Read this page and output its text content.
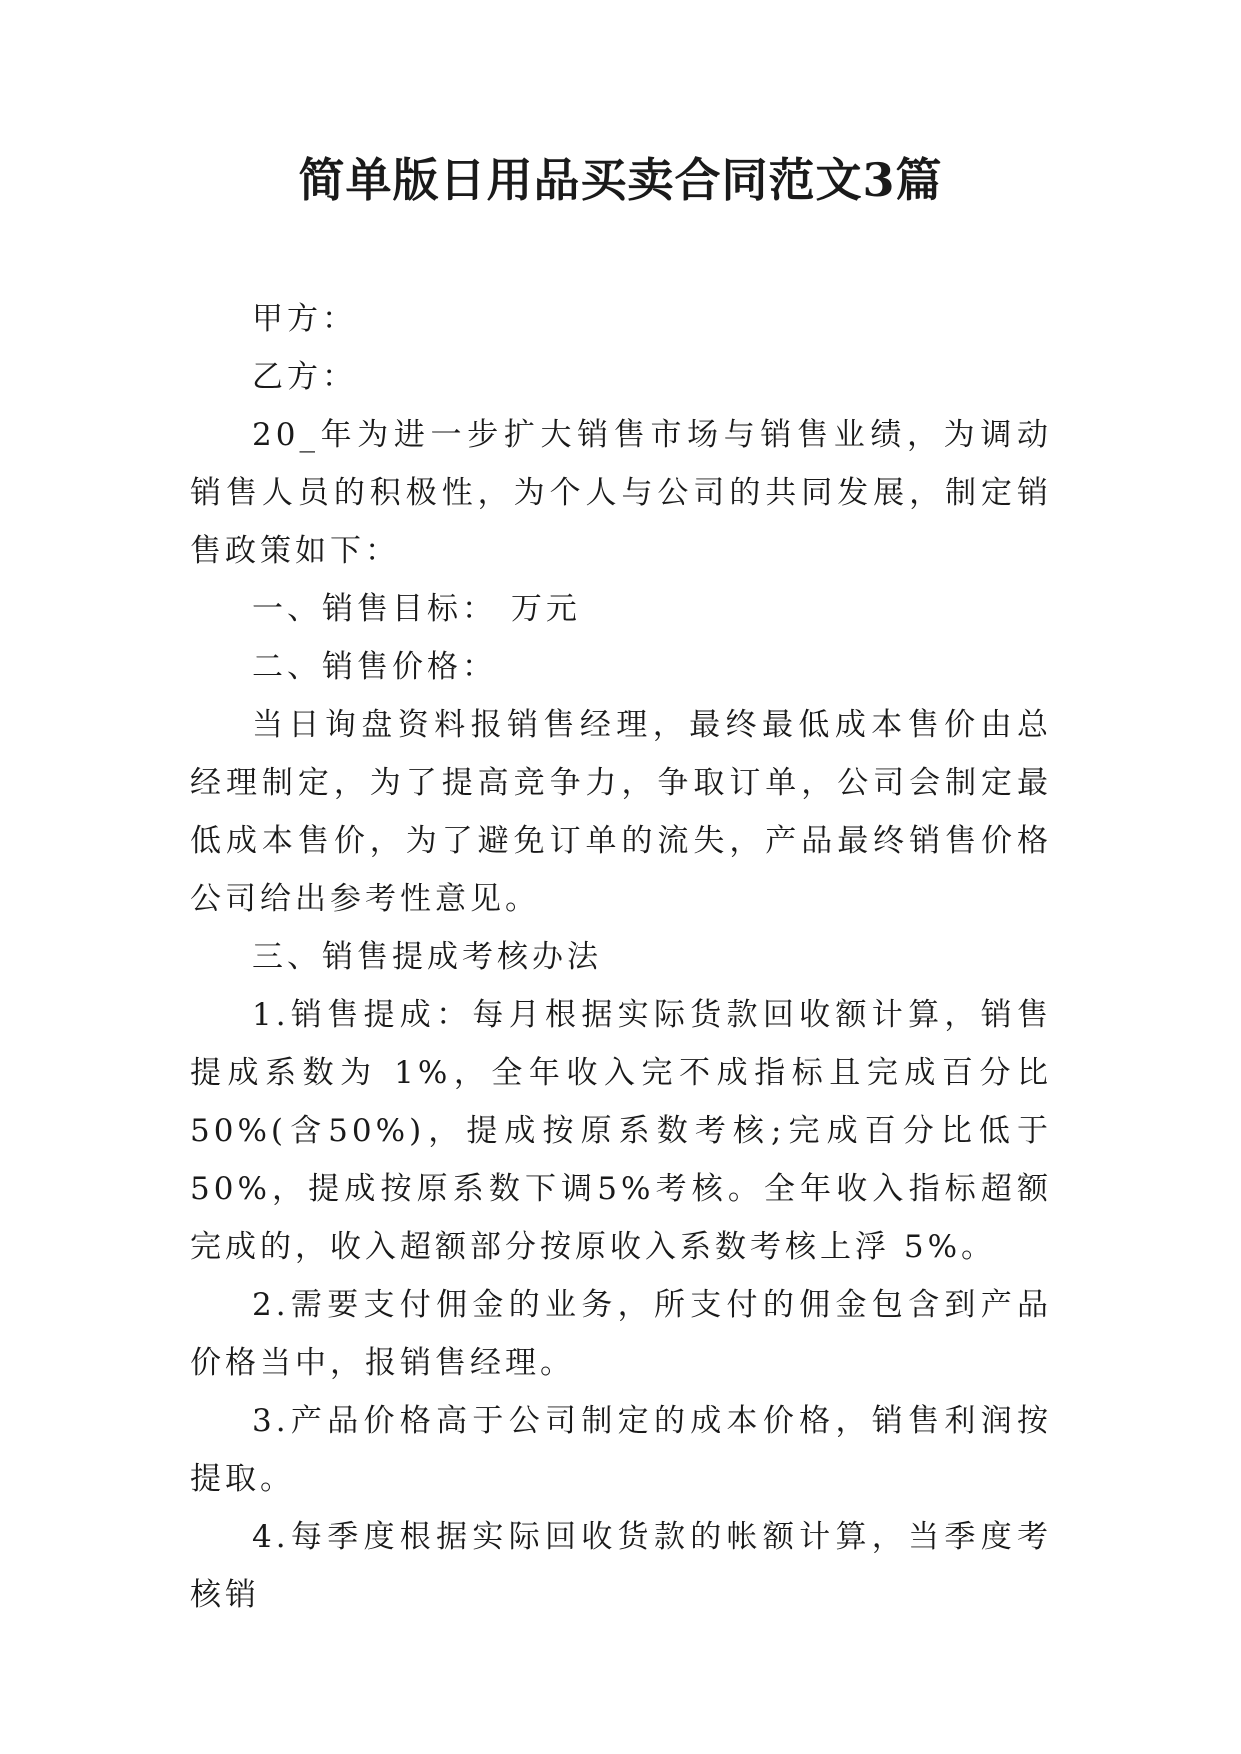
简单版日用品买卖合同范文3篇

甲方：

乙方：

20_年为进一步扩大销售市场与销售业绩，为调动销售人员的积极性，为个人与公司的共同发展，制定销售政策如下：

一、销售目标： 万元

二、销售价格：

当日询盘资料报销售经理，最终最低成本售价由总经理制定，为了提高竞争力，争取订单，公司会制定最低成本售价，为了避免订单的流失，产品最终销售价格公司给出参考性意见。

三、销售提成考核办法

1.销售提成：每月根据实际货款回收额计算，销售提成系数为 1%，全年收入完不成指标且完成百分比50%(含50%)，提成按原系数考核;完成百分比低于50%，提成按原系数下调5%考核。全年收入指标超额完成的，收入超额部分按原收入系数考核上浮 5%。

2.需要支付佣金的业务，所支付的佣金包含到产品价格当中，报销售经理。

3.产品价格高于公司制定的成本价格，销售利润按 提取。

4.每季度根据实际回收货款的帐额计算，当季度考核销
